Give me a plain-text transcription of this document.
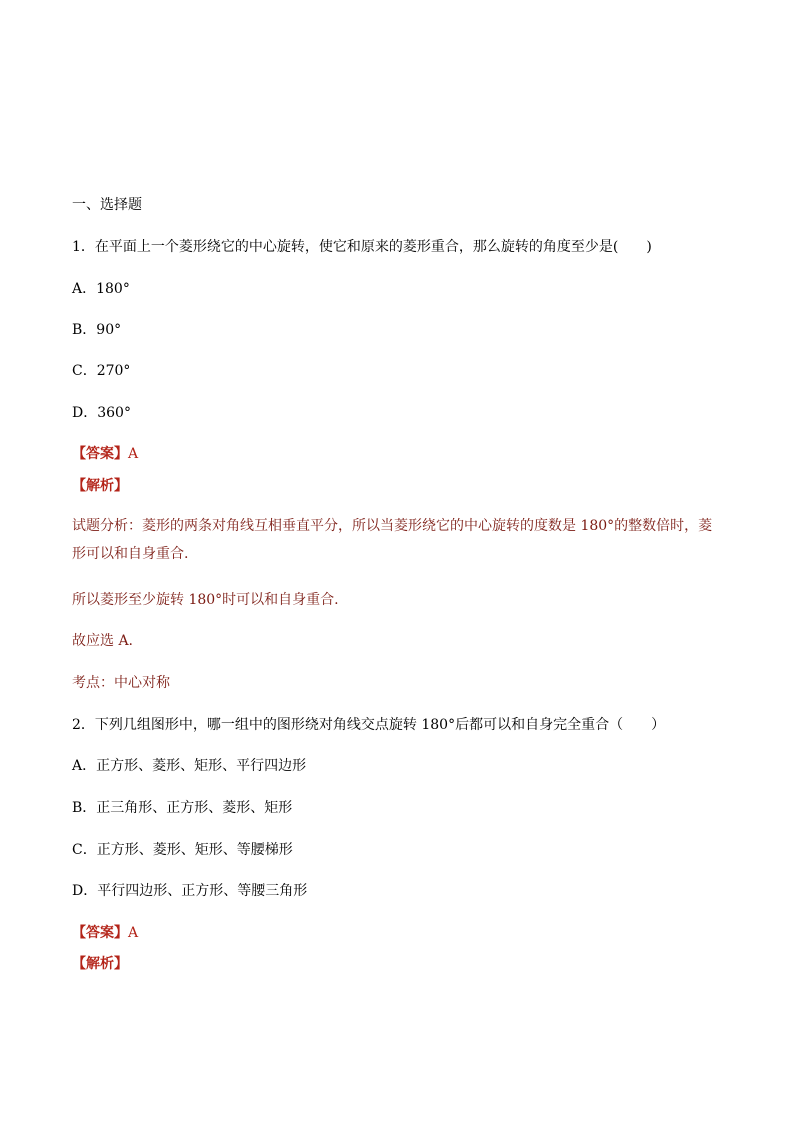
一、选择题
1．在平面上一个菱形绕它的中心旋转，使它和原来的菱形重合，那么旋转的角度至少是( )
A．180°
B．90°
C．270°
D．360°
【答案】A
【解析】
试题分析：菱形的两条对角线互相垂直平分，所以当菱形绕它的中心旋转的度数是 180°的整数倍时，菱形可以和自身重合.
所以菱形至少旋转 180°时可以和自身重合.
故应选 A.
考点：中心对称
2．下列几组图形中，哪一组中的图形绕对角线交点旋转 180°后都可以和自身完全重合（ ）
A．正方形、菱形、矩形、平行四边形
B．正三角形、正方形、菱形、矩形
C．正方形、菱形、矩形、等腰梯形
D．平行四边形、正方形、等腰三角形
【答案】A
【解析】
